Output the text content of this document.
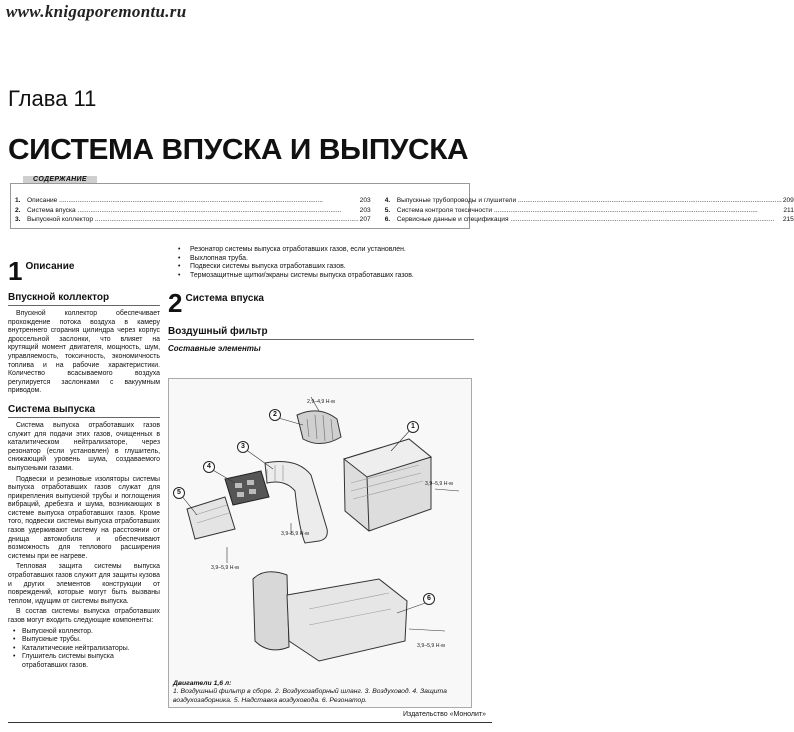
www.knigaporemontu.ru
Глава 11
СИСТЕМА ВПУСКА И ВЫПУСКА
СОДЕРЖАНИЕ
1. Описание .....	203
2. Система впуска .....	203
3. Выпускной коллектор .....	207
4. Выпускные трубопроводы и глушители .....	209
5. Система контроля токсичности .....	211
6. Сервисные данные и спецификация .....	215
1 Описание
Впускной коллектор

Впускной коллектор обеспечивает прохождение потока воздуха в камеру внутреннего сгорания цилиндра через корпус дроссельной заслонки, что влияет на крутящий момент двигателя, мощность, шум, управляемость, токсичность, экономичность топлива и на рабочие характеристики. Количество всасываемого воздуха регулируется заслонками с вакуумным приводом.

Система выпуска

Система выпуска отработавших газов служит для подачи этих газов, очищенных в каталитическом нейтрализаторе, через резонатор (если установлен) в глушитель, снижающий уровень шума, создаваемого выпускными газами.

Подвески и резиновые изоляторы системы выпуска отработавших газов служат для прикрепления выпускной трубы и поглощения вибраций, дребезга и шума, возникающих в системе выпуска отработавших газов. Кроме того, подвески системы выпуска отработавших газов удерживают систему на расстоянии от днища автомобиля и обеспечивают возможность для теплового расширения системы при ее нагреве.

Тепловая защита системы выпуска отработавших газов служит для защиты кузова и других элементов конструкции от повреждений, которые могут быть вызваны теплом, идущим от системы выпуска.

В состав системы выпуска отработавших газов могут входить следующие компоненты:

• Выпускной коллектор.
• Выпускные трубы.
• Каталитические нейтрализаторы.
• Глушитель системы выпуска отработавших газов.
• Резонатор системы выпуска отработавших газов, если установлен.
• Выхлопная труба.
• Подвески системы выпуска отработавших газов.
• Термозащитные щитки/экраны системы выпуска отработавших газов.
2 Система впуска
Воздушный фильтр
Составные элементы
1
2
3
4
5
6
2,9–4,9 Н·м
3,9–5,9 Н·м
3,9–5,9 Н·м
3,9–5,9 Н·м
3,9–5,9 Н·м
Двигатели 1,6 л:
1. Воздушный фильтр в сборе. 2. Воздухозаборный шланг. 3. Воздуховод. 4. Защита воздухозаборника. 5. Надставка воздуховода. 6. Резонатор.
Издательство «Монолит»
